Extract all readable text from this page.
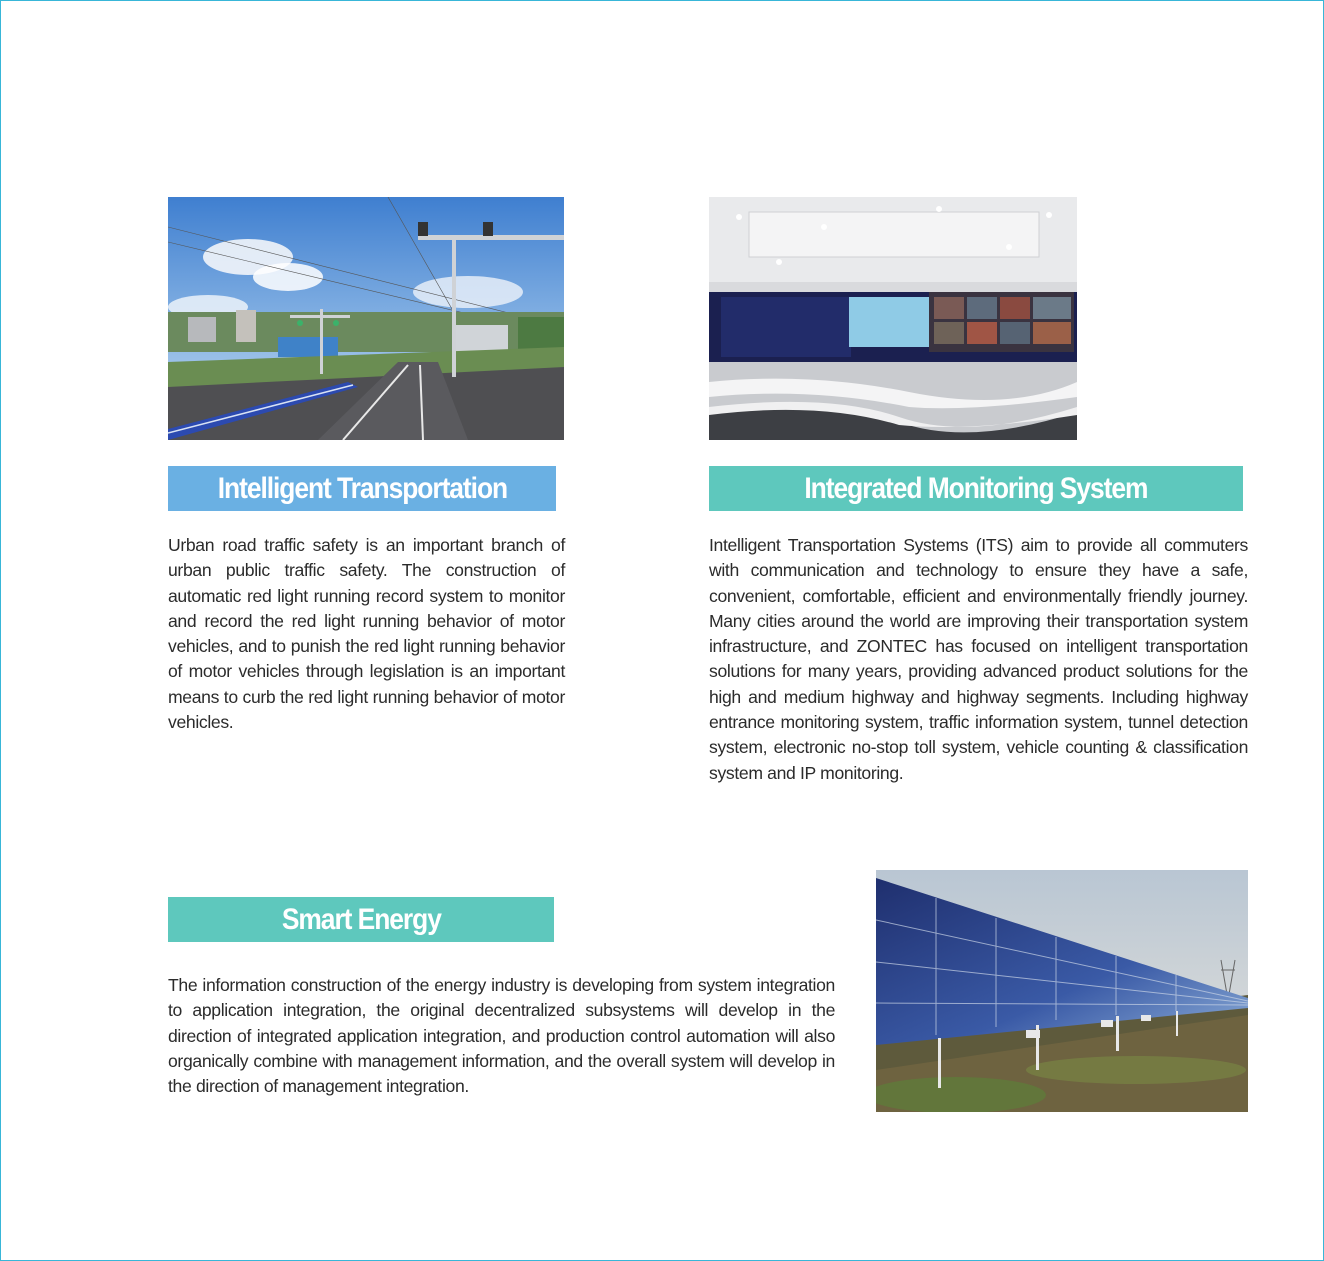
Intelligent Transportation

Urban road traffic safety is an important branch of urban public traffic safety. The construction of automatic red light running record system to monitor and record the red light running behavior of motor vehicles, and to punish the red light running behavior of motor vehicles through legislation is an important means to curb the red light running behavior of motor vehicles.

Integrated Monitoring System

Intelligent Transportation Systems (ITS) aim to provide all commuters with communication and technology to ensure they have a safe, convenient, comfortable, efficient and environmentally friendly journey. Many cities around the world are improving their transportation system infrastructure, and ZONTEC has focused on intelligent transportation solutions for many years, providing advanced product solutions for the high and medium highway and highway segments. Including highway entrance monitoring system, traffic information system, tunnel detection system, electronic no-stop toll system, vehicle counting & classification system and IP monitoring.

Smart Energy

The information construction of the energy industry is developing from system integration to application integration, the original decentralized subsystems will develop in the direction of integrated application integration, and production control automation will also organically combine with management information, and the overall system will develop in the direction of management integration.
